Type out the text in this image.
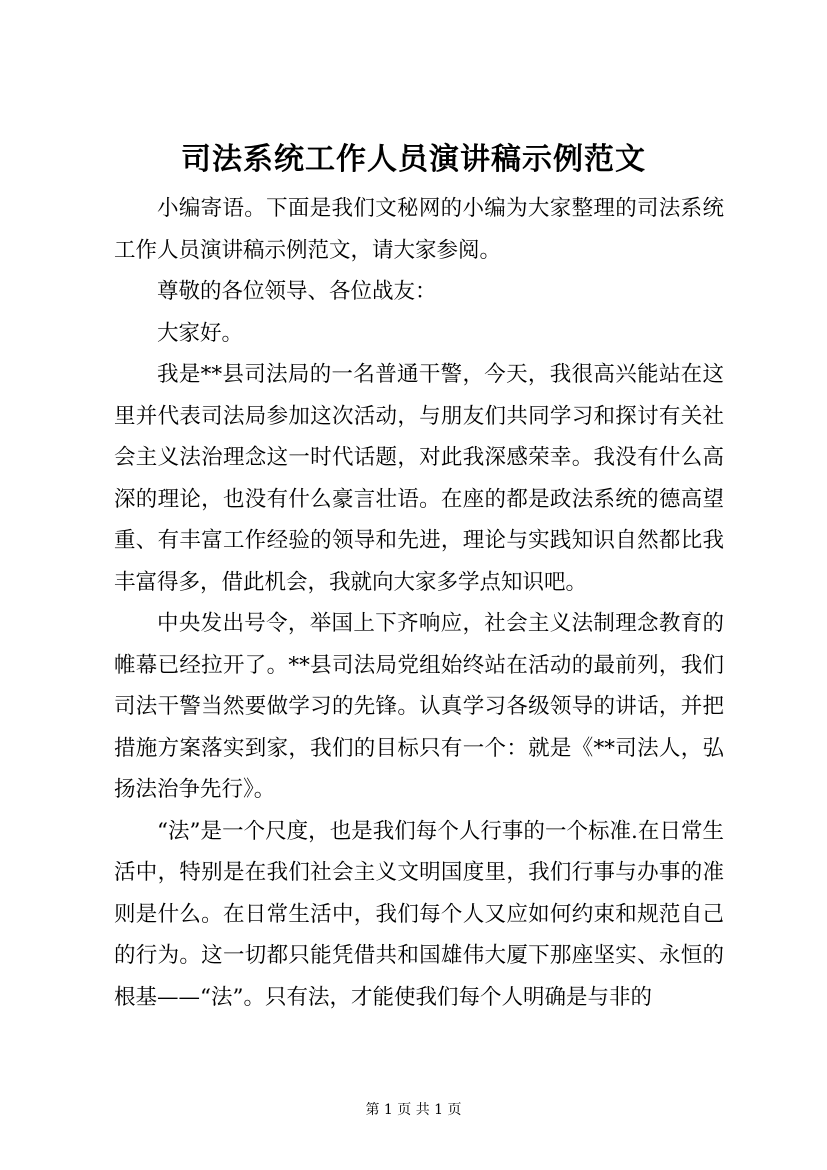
司法系统工作人员演讲稿示例范文

小编寄语。下面是我们文秘网的小编为大家整理的司法系统工作人员演讲稿示例范文，请大家参阅。

尊敬的各位领导、各位战友：

大家好。

我是**县司法局的一名普通干警，今天，我很高兴能站在这里并代表司法局参加这次活动，与朋友们共同学习和探讨有关社会主义法治理念这一时代话题，对此我深感荣幸。我没有什么高深的理论，也没有什么豪言壮语。在座的都是政法系统的德高望重、有丰富工作经验的领导和先进，理论与实践知识自然都比我丰富得多，借此机会，我就向大家多学点知识吧。

中央发出号令，举国上下齐响应，社会主义法制理念教育的帷幕已经拉开了。**县司法局党组始终站在活动的最前列，我们司法干警当然要做学习的先锋。认真学习各级领导的讲话，并把措施方案落实到家，我们的目标只有一个：就是《**司法人，弘扬法治争先行》。

“法”是一个尺度，也是我们每个人行事的一个标准.在日常生活中，特别是在我们社会主义文明国度里，我们行事与办事的准则是什么。在日常生活中，我们每个人又应如何约束和规范自己的行为。这一切都只能凭借共和国雄伟大厦下那座坚实、永恒的根基——“法”。只有法，才能使我们每个人明确是与非的

第 1 页 共 1 页
